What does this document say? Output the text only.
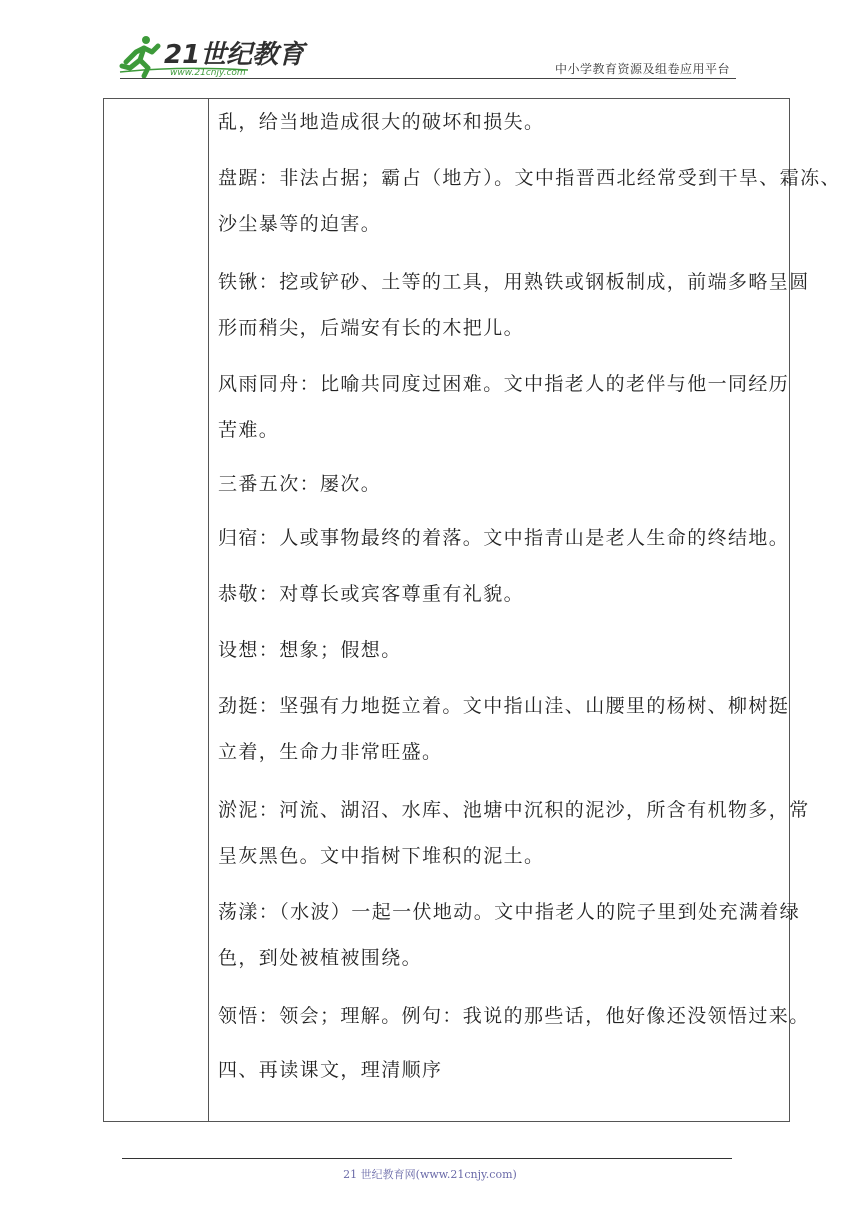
21世纪教育
www.21cnjy.com	中小学教育资源及组卷应用平台
乱，给当地造成很大的破坏和损失。
盘踞：非法占据；霸占（地方）。文中指晋西北经常受到干旱、霜冻、
沙尘暴等的迫害。
铁锹：挖或铲砂、土等的工具，用熟铁或钢板制成，前端多略呈圆
形而稍尖，后端安有长的木把儿。
风雨同舟：比喻共同度过困难。文中指老人的老伴与他一同经历
苦难。
三番五次：屡次。
归宿：人或事物最终的着落。文中指青山是老人生命的终结地。
恭敬：对尊长或宾客尊重有礼貌。
设想：想象；假想。
劲挺：坚强有力地挺立着。文中指山洼、山腰里的杨树、柳树挺
立着，生命力非常旺盛。
淤泥：河流、湖沼、水库、池塘中沉积的泥沙，所含有机物多，常
呈灰黑色。文中指树下堆积的泥土。
荡漾：（水波）一起一伏地动。文中指老人的院子里到处充满着绿
色，到处被植被围绕。
领悟：领会；理解。例句：我说的那些话，他好像还没领悟过来。
四、再读课文，理清顺序
21 世纪教育网(www.21cnjy.com)
